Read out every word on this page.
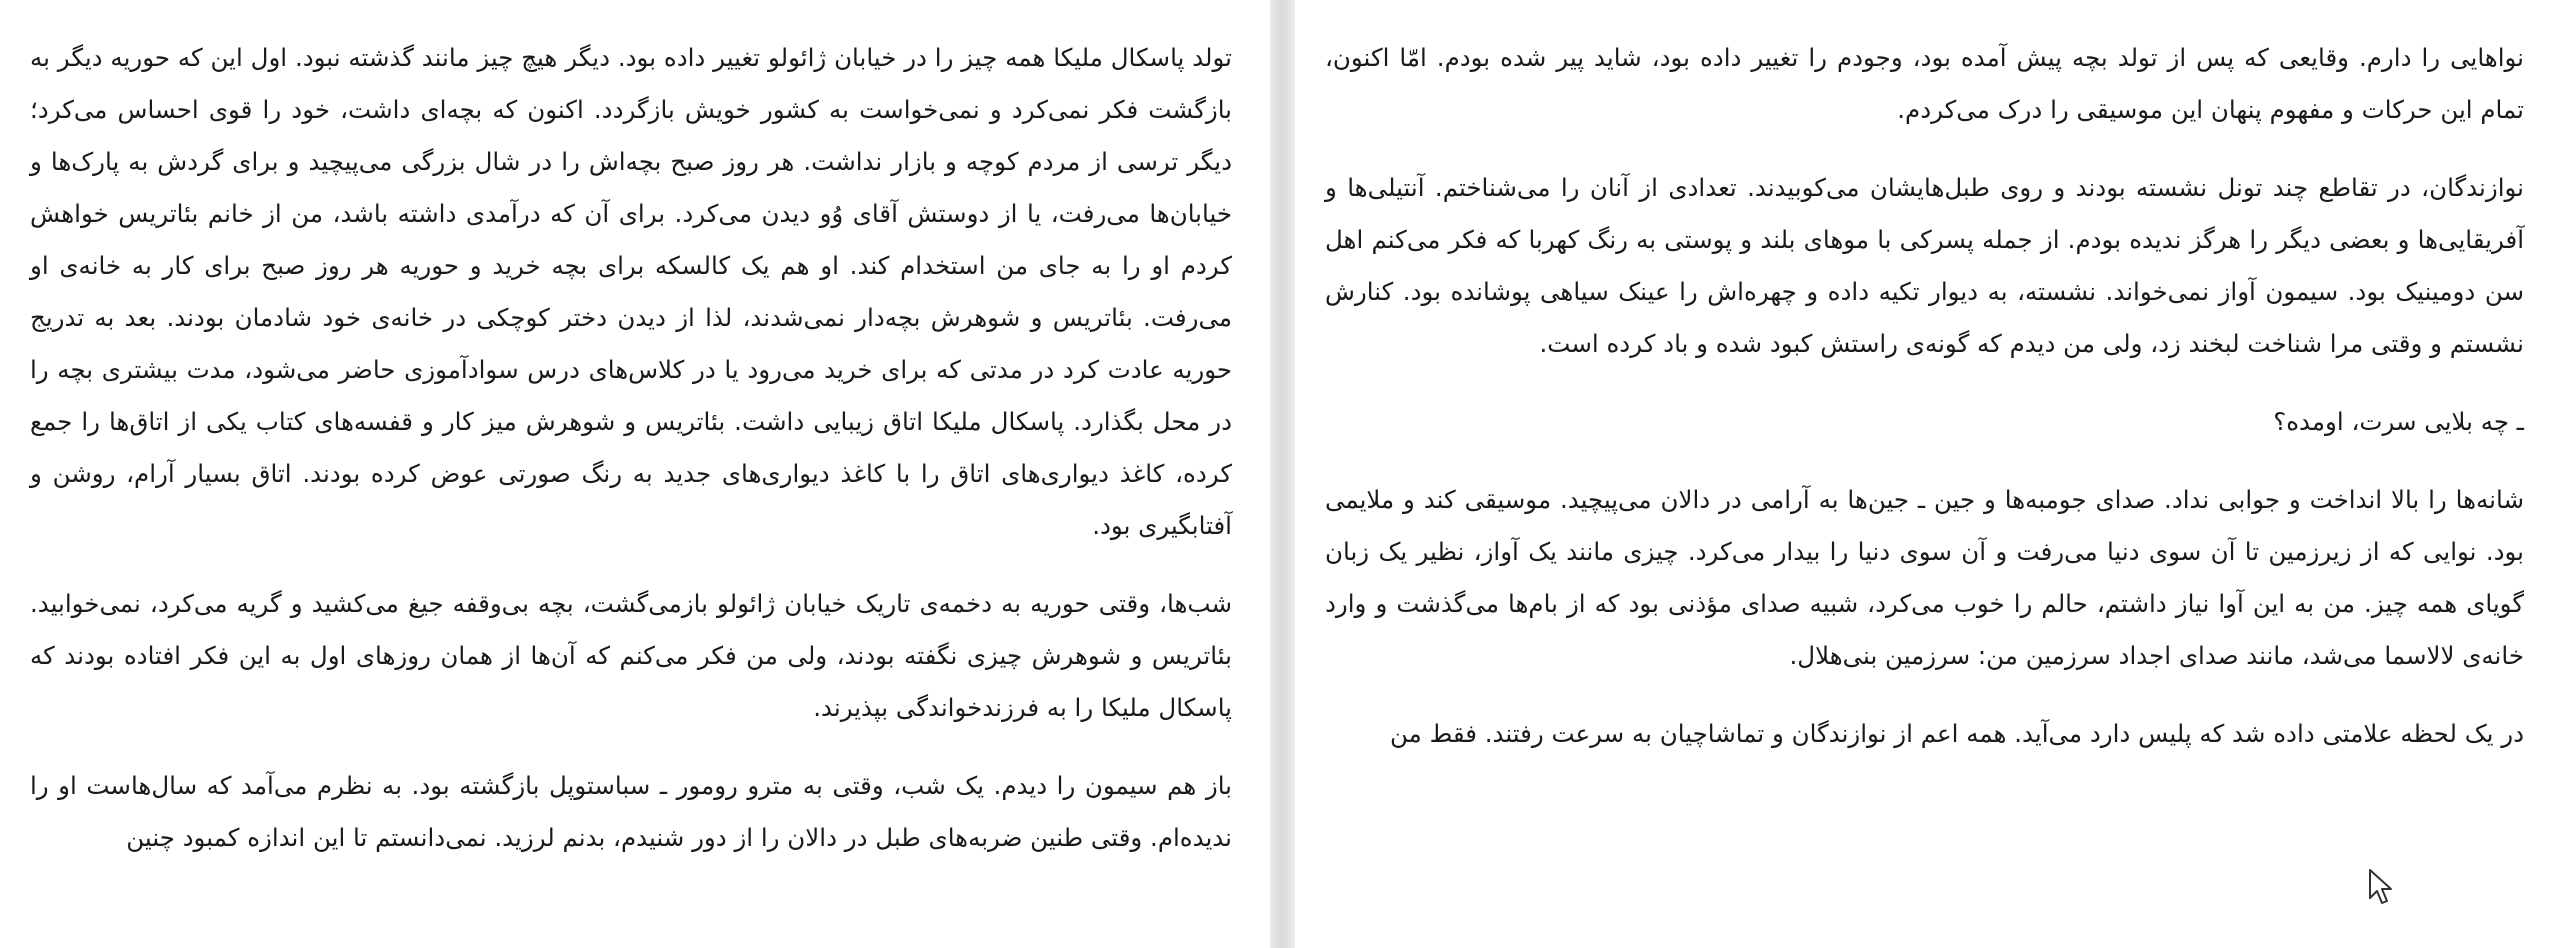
تولد پاسکال ملیکا همه چیز را در خیابان ژائولو تغییر داده بود. دیگر هیچ چیز مانند گذشته نبود. اول این که حوریه دیگر به بازگشت فکر نمی‌کرد و نمی‌خواست به کشور خویش بازگردد. اکنون که بچه‌ای داشت، خود را قوی احساس می‌کرد؛ دیگر ترسی از مردم کوچه و بازار نداشت. هر روز صبح بچه‌اش را در شال بزرگی می‌پیچید و برای گردش به پارک‌ها و خیابان‌ها می‌رفت، یا از دوستش آقای وُو دیدن می‌کرد. برای آن که درآمدی داشته باشد، من از خانم بئاتریس خواهش کردم او را به جای من استخدام کند. او هم یک کالسکه برای بچه خرید و حوریه هر روز صبح برای کار به خانه‌ی او می‌رفت. بئاتریس و شوهرش بچه‌دار نمی‌شدند، لذا از دیدن دختر کوچکی در خانه‌ی خود شادمان بودند. بعد به تدریج حوریه عادت کرد در مدتی که برای خرید می‌رود یا در کلاس‌های درس سوادآموزی حاضر می‌شود، مدت بیشتری بچه را در محل بگذارد. پاسکال ملیکا اتاق زیبایی داشت. بئاتریس و شوهرش میز کار و قفسه‌های کتاب یکی از اتاق‌ها را جمع کرده، کاغذ دیواری‌های اتاق را با کاغذ دیواری‌های جدید به رنگ صورتی عوض کرده بودند. اتاق بسیار آرام، روشن و آفتابگیری بود.

شب‌ها، وقتی حوریه به دخمه‌ی تاریک خیابان ژائولو بازمی‌گشت، بچه بی‌وقفه جیغ می‌کشید و گریه می‌کرد، نمی‌خوابید. بئاتریس و شوهرش چیزی نگفته بودند، ولی من فکر می‌کنم که آن‌ها از همان روزهای اول به این فکر افتاده بودند که پاسکال ملیکا را به فرزندخواندگی بپذیرند.

باز هم سیمون را دیدم. یک شب، وقتی به مترو رومور ـ سباستوپل بازگشته بود. به نظرم می‌آمد که سال‌هاست او را ندیده‌ام. وقتی طنین ضربه‌های طبل در دالان را از دور شنیدم، بدنم لرزید. نمی‌دانستم تا این اندازه کمبود چنین

نواهایی را دارم. وقایعی که پس از تولد بچه پیش آمده بود، وجودم را تغییر داده بود، شاید پیر شده بودم. امّا اکنون، تمام این حرکات و مفهوم پنهان این موسیقی را درک می‌کردم.

نوازندگان، در تقاطع چند تونل نشسته بودند و روی طبل‌هایشان می‌کوبیدند. تعدادی از آنان را می‌شناختم. آنتیلی‌ها و آفریقایی‌ها و بعضی دیگر را هرگز ندیده بودم. از جمله پسرکی با موهای بلند و پوستی به رنگ کهربا که فکر می‌کنم اهل سن دومینیک بود. سیمون آواز نمی‌خواند. نشسته، به دیوار تکیه داده و چهره‌اش را عینک سیاهی پوشانده بود. کنارش نشستم و وقتی مرا شناخت لبخند زد، ولی من دیدم که گونه‌ی راستش کبود شده و باد کرده است.

ـ چه بلایی سرت، اومده؟

شانه‌ها را بالا انداخت و جوابی نداد. صدای جومبه‌ها و جین ـ جین‌ها به آرامی در دالان می‌پیچید. موسیقی کند و ملایمی بود. نوایی که از زیرزمین تا آن سوی دنیا می‌رفت و آن سوی دنیا را بیدار می‌کرد. چیزی مانند یک آواز، نظیر یک زبان گویای همه چیز. من به این آوا نیاز داشتم، حالم را خوب می‌کرد، شبیه صدای مؤذنی بود که از بام‌ها می‌گذشت و وارد خانه‌ی لالاسما می‌شد، مانند صدای اجداد سرزمین من: سرزمین بنی‌هلال.

در یک لحظه علامتی داده شد که پلیس دارد می‌آید. همه اعم از نوازندگان و تماشاچیان به سرعت رفتند. فقط من
